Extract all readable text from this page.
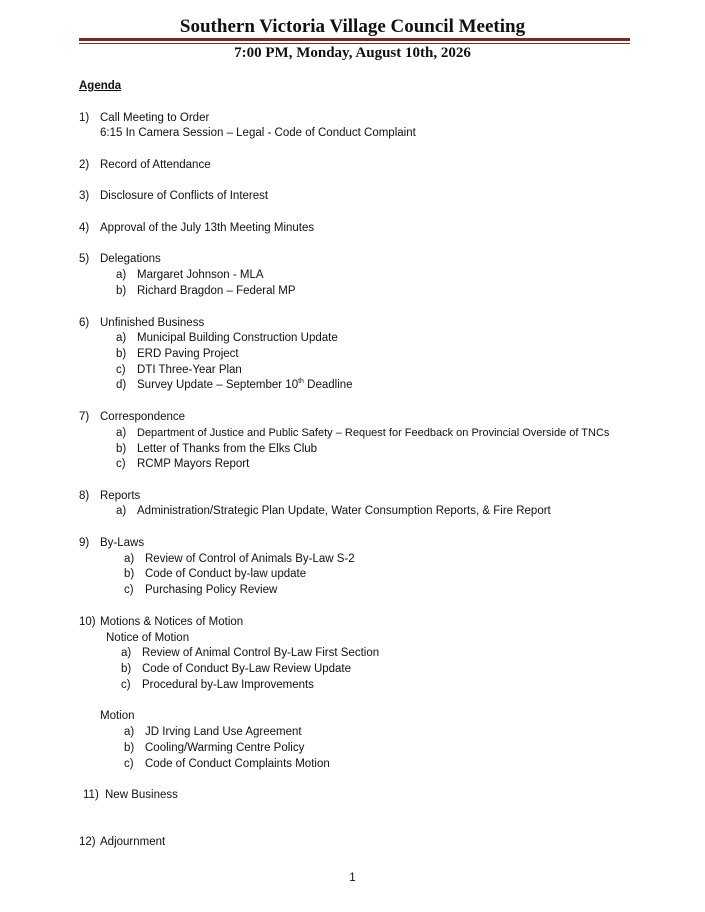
Southern Victoria Village Council Meeting
7:00 PM, Monday, August 10th, 2026
Agenda
1) Call Meeting to Order
6:15 In Camera Session – Legal - Code of Conduct Complaint
2) Record of Attendance
3) Disclosure of Conflicts of Interest
4) Approval of the July 13th Meeting Minutes
5) Delegations
a) Margaret Johnson - MLA
b) Richard Bragdon – Federal MP
6) Unfinished Business
a) Municipal Building Construction Update
b) ERD Paving Project
c) DTI Three-Year Plan
d) Survey Update – September 10th Deadline
7) Correspondence
a) Department of Justice and Public Safety – Request for Feedback on Provincial Overside of TNCs
b) Letter of Thanks from the Elks Club
c) RCMP Mayors Report
8) Reports
a) Administration/Strategic Plan Update, Water Consumption Reports, & Fire Report
9) By-Laws
a) Review of Control of Animals By-Law S-2
b) Code of Conduct by-law update
c) Purchasing Policy Review
10) Motions & Notices of Motion
Notice of Motion
a) Review of Animal Control By-Law First Section
b) Code of Conduct By-Law Review Update
c) Procedural by-Law Improvements
Motion
a) JD Irving Land Use Agreement
b) Cooling/Warming Centre Policy
c) Code of Conduct Complaints Motion
11) New Business
12) Adjournment
1
